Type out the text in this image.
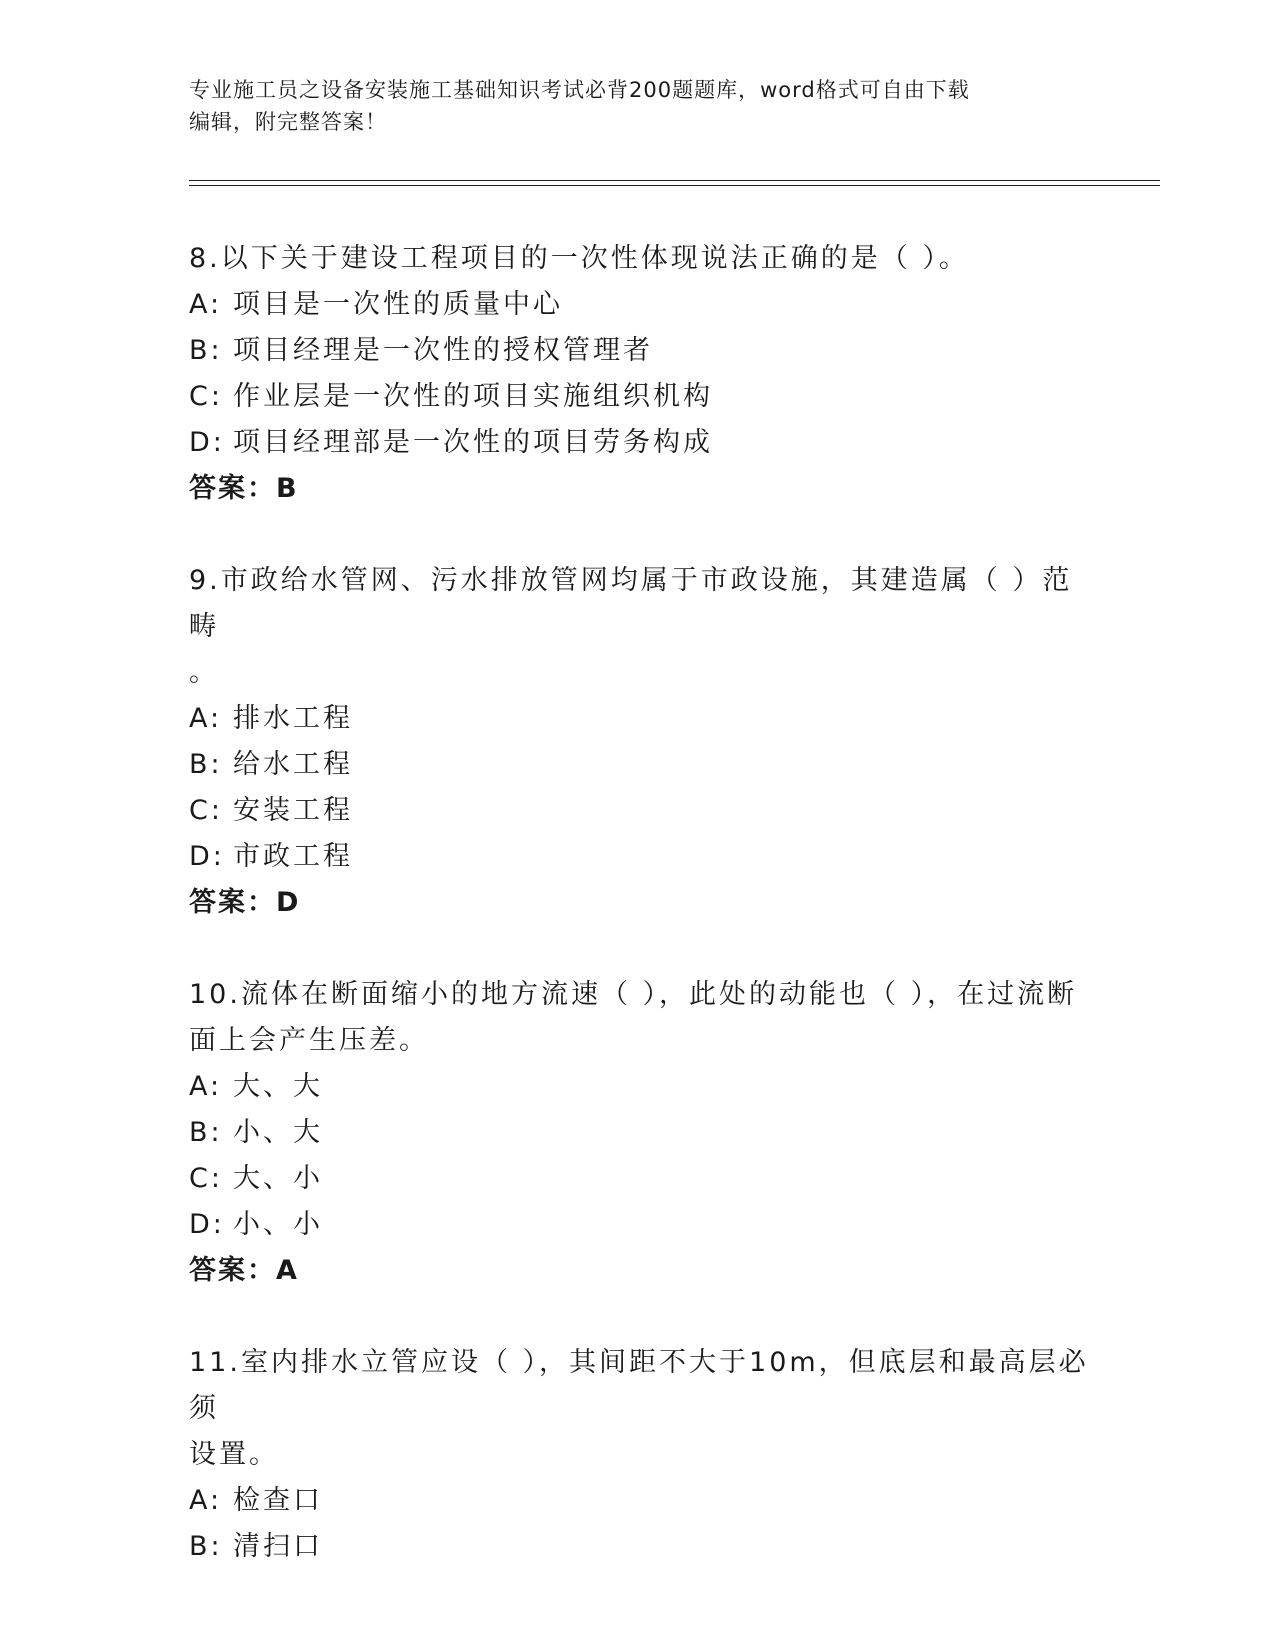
专业施工员之设备安装施工基础知识考试必背200题题库，word格式可自由下载
编辑，附完整答案！

8.以下关于建设工程项目的一次性体现说法正确的是（ ）。

A: 项目是一次性的质量中心

B: 项目经理是一次性的授权管理者

C: 作业层是一次性的项目实施组织机构

D: 项目经理部是一次性的项目劳务构成

答案：B

9.市政给水管网、污水排放管网均属于市政设施，其建造属（ ）范畴

。

A: 排水工程

B: 给水工程

C: 安装工程

D: 市政工程

答案：D

10.流体在断面缩小的地方流速（ ），此处的动能也（ ），在过流断

面上会产生压差。

A: 大、大

B: 小、大

C: 大、小

D: 小、小

答案：A

11.室内排水立管应设（ ），其间距不大于10m，但底层和最高层必须

设置。

A: 检查口

B: 清扫口
